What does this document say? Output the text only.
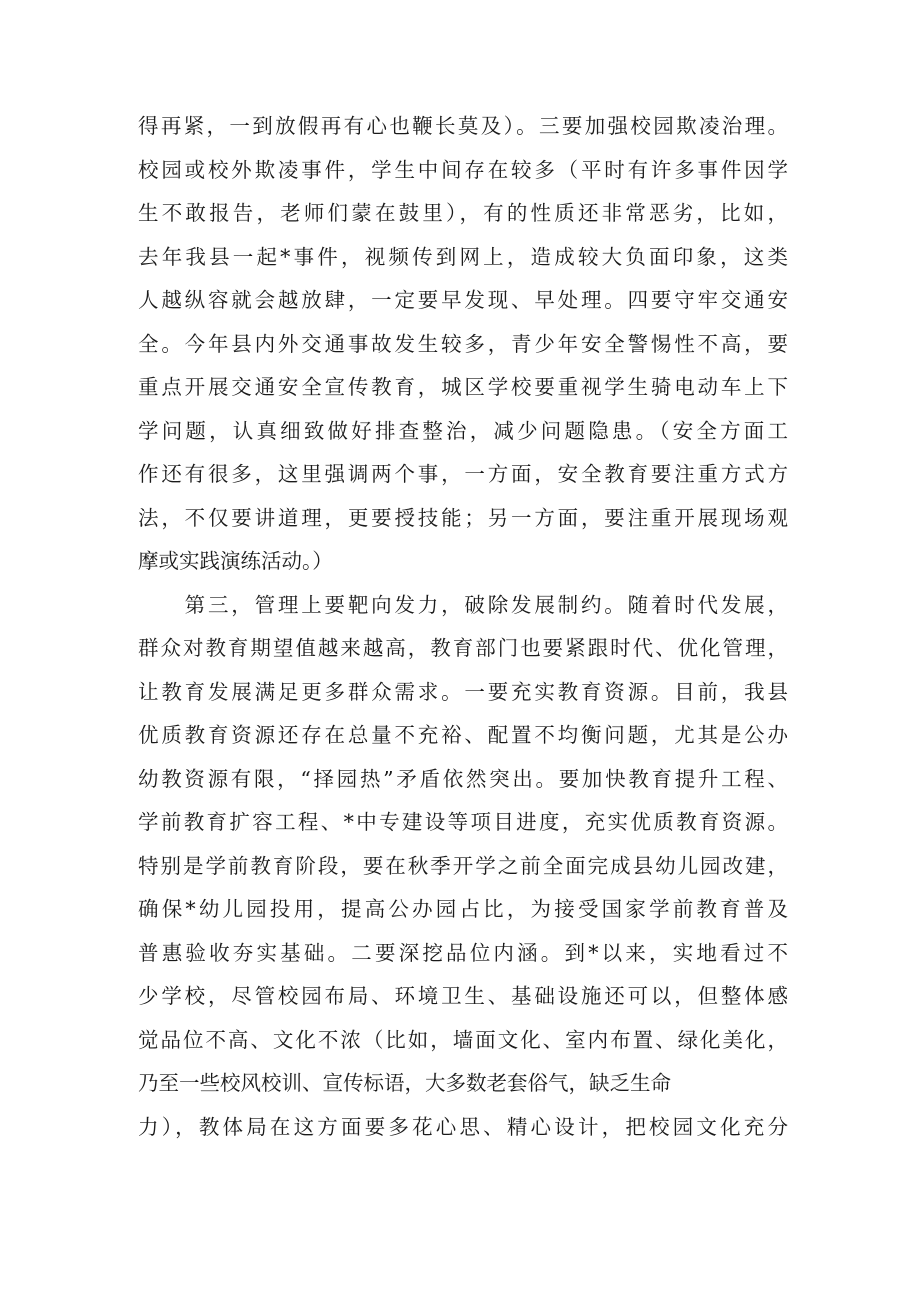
得再紧，一到放假再有心也鞭长莫及）。三要加强校园欺凌治理。
校园或校外欺凌事件，学生中间存在较多（平时有许多事件因学
生不敢报告，老师们蒙在鼓里），有的性质还非常恶劣，比如，
去年我县一起*事件，视频传到网上，造成较大负面印象，这类
人越纵容就会越放肆，一定要早发现、早处理。四要守牢交通安
全。今年县内外交通事故发生较多，青少年安全警惕性不高，要
重点开展交通安全宣传教育，城区学校要重视学生骑电动车上下
学问题，认真细致做好排查整治，减少问题隐患。（安全方面工
作还有很多，这里强调两个事，一方面，安全教育要注重方式方
法，不仅要讲道理，更要授技能；另一方面，要注重开展现场观
摩或实践演练活动。）
　　第三，管理上要靶向发力，破除发展制约。随着时代发展，
群众对教育期望值越来越高，教育部门也要紧跟时代、优化管理，
让教育发展满足更多群众需求。一要充实教育资源。目前，我县
优质教育资源还存在总量不充裕、配置不均衡问题，尤其是公办
幼教资源有限，“择园热”矛盾依然突出。要加快教育提升工程、
学前教育扩容工程、*中专建设等项目进度，充实优质教育资源。
特别是学前教育阶段，要在秋季开学之前全面完成县幼儿园改建，
确保*幼儿园投用，提高公办园占比，为接受国家学前教育普及
普惠验收夯实基础。二要深挖品位内涵。到*以来，实地看过不
少学校，尽管校园布局、环境卫生、基础设施还可以，但整体感
觉品位不高、文化不浓（比如，墙面文化、室内布置、绿化美化，
乃至一些校风校训、宣传标语，大多数老套俗气，缺乏生命
力），教体局在这方面要多花心思、精心设计，把校园文化充分
